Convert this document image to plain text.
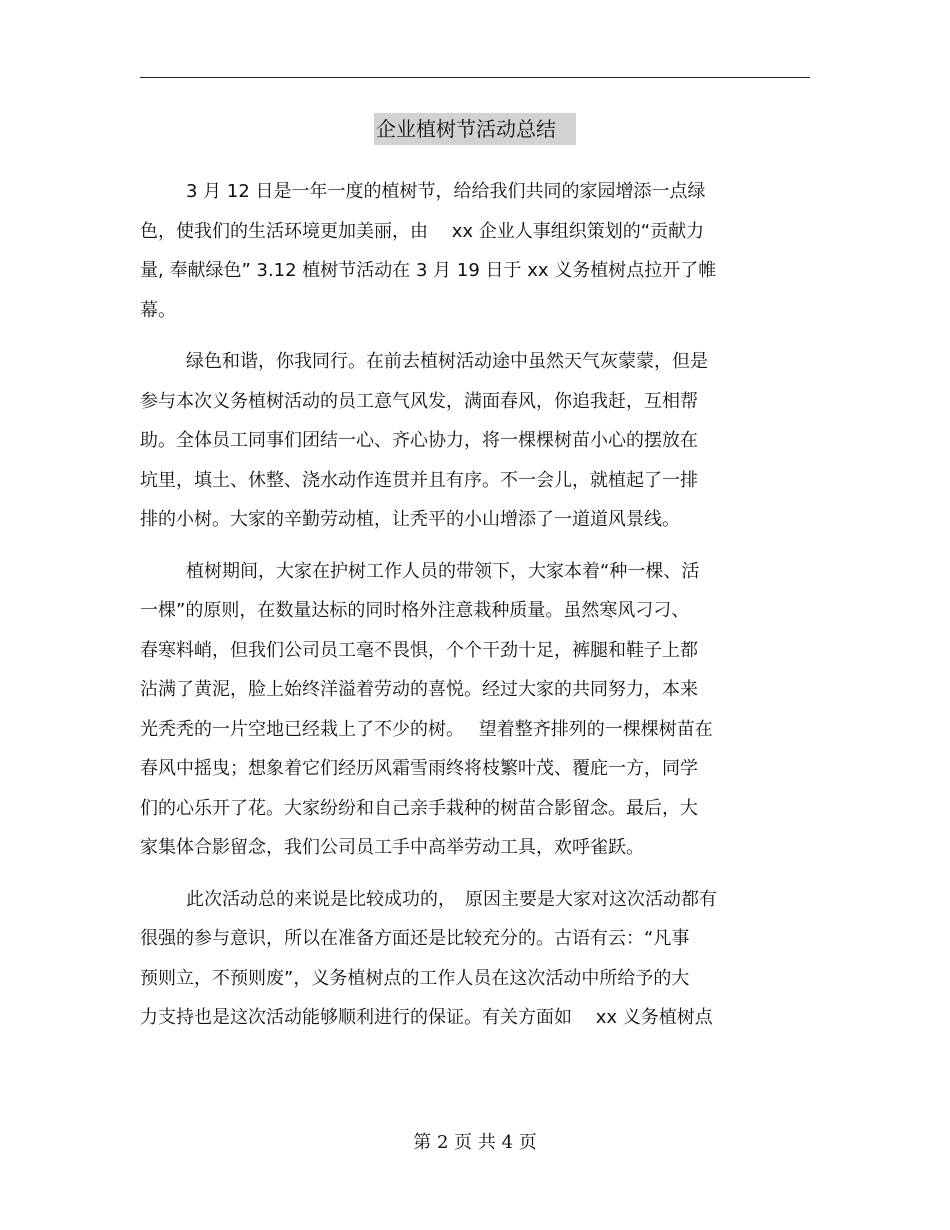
企业植树节活动总结
3 月 12 日是一年一度的植树节，给给我们共同的家园增添一点绿
色，使我们的生活环境更加美丽，由　 xx 企业人事组织策划的“贡献力
量, 奉献绿色” 3.12 植树节活动在 3 月 19 日于 xx 义务植树点拉开了帷
幕。
绿色和谐，你我同行。在前去植树活动途中虽然天气灰蒙蒙，但是
参与本次义务植树活动的员工意气风发，满面春风，你追我赶，互相帮
助。全体员工同事们团结一心、齐心协力，将一棵棵树苗小心的摆放在
坑里，填土、休整、浇水动作连贯并且有序。不一会儿，就植起了一排
排的小树。大家的辛勤劳动植，让秃平的小山增添了一道道风景线。
植树期间，大家在护树工作人员的带领下，大家本着“种一棵、活
一棵”的原则，在数量达标的同时格外注意栽种质量。虽然寒风刁刁、
春寒料峭，但我们公司员工毫不畏惧，个个干劲十足，裤腿和鞋子上都
沾满了黄泥，脸上始终洋溢着劳动的喜悦。经过大家的共同努力，本来
光秃秃的一片空地已经栽上了不少的树。　 望着整齐排列的一棵棵树苗在
春风中摇曳；想象着它们经历风霜雪雨终将枝繁叶茂、覆庇一方，同学
们的心乐开了花。大家纷纷和自己亲手栽种的树苗合影留念。最后，大
家集体合影留念，我们公司员工手中高举劳动工具，欢呼雀跃。
此次活动总的来说是比较成功的，　原因主要是大家对这次活动都有
很强的参与意识，所以在准备方面还是比较充分的。古语有云：“凡事
预则立，不预则废”，义务植树点的工作人员在这次活动中所给予的大
力支持也是这次活动能够顺利进行的保证。有关方面如　 xx 义务植树点
第 2 页 共 4 页
